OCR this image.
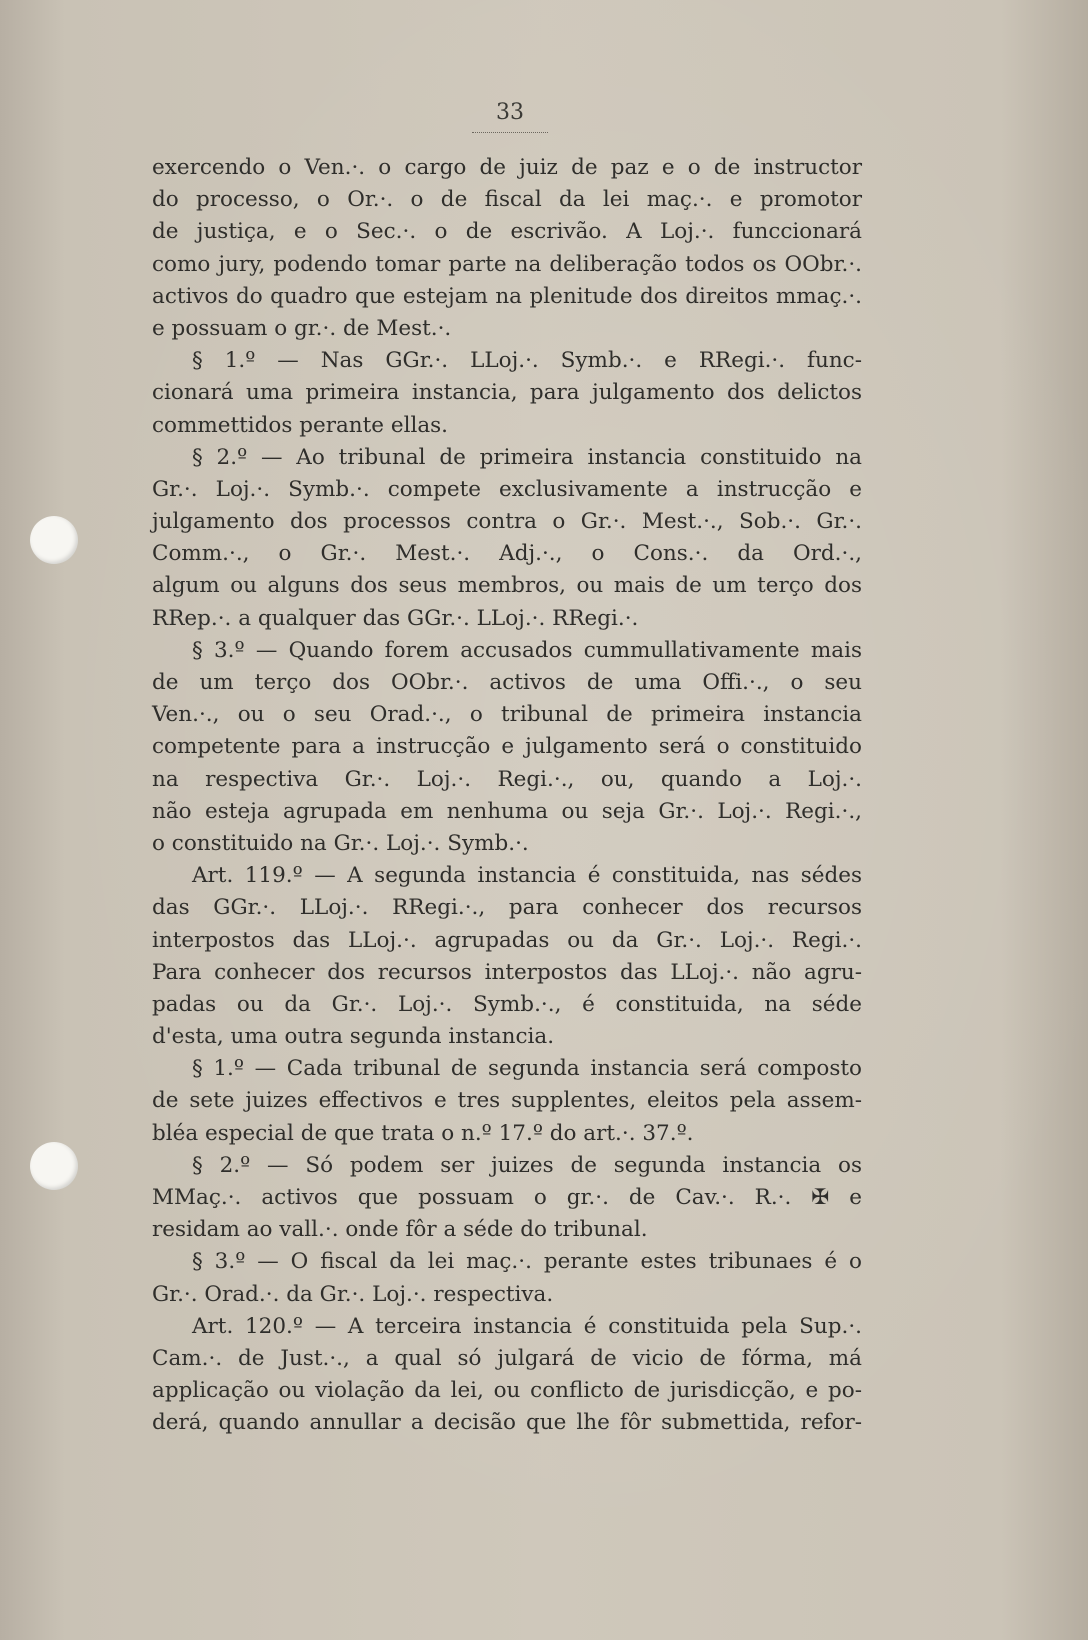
33
exercendo o Ven.·. o cargo de juiz de paz e o de instructor
do processo, o Or.·. o de fiscal da lei maç.·. e promotor
de justiça, e o Sec.·. o de escrivão. A Loj.·. funccionará
como jury, podendo tomar parte na deliberação todos os OObr.·.
activos do quadro que estejam na plenitude dos direitos mmaç.·.
e possuam o gr.·. de Mest.·.
§ 1.º — Nas GGr.·. LLoj.·. Symb.·. e RRegi.·. func-
cionará uma primeira instancia, para julgamento dos delictos
commettidos perante ellas.
§ 2.º — Ao tribunal de primeira instancia constituido na
Gr.·. Loj.·. Symb.·. compete exclusivamente a instrucção e
julgamento dos processos contra o Gr.·. Mest.·., Sob.·. Gr.·.
Comm.·., o Gr.·. Mest.·. Adj.·., o Cons.·. da Ord.·.,
algum ou alguns dos seus membros, ou mais de um terço dos
RRep.·. a qualquer das GGr.·. LLoj.·. RRegi.·.
§ 3.º — Quando forem accusados cummullativamente mais
de um terço dos OObr.·. activos de uma Offi.·., o seu
Ven.·., ou o seu Orad.·., o tribunal de primeira instancia
competente para a instrucção e julgamento será o constituido
na respectiva Gr.·. Loj.·. Regi.·., ou, quando a Loj.·.
não esteja agrupada em nenhuma ou seja Gr.·. Loj.·. Regi.·.,
o constituido na Gr.·. Loj.·. Symb.·.
Art. 119.º — A segunda instancia é constituida, nas sédes
das GGr.·. LLoj.·. RRegi.·., para conhecer dos recursos
interpostos das LLoj.·. agrupadas ou da Gr.·. Loj.·. Regi.·.
Para conhecer dos recursos interpostos das LLoj.·. não agru-
padas ou da Gr.·. Loj.·. Symb.·., é constituida, na séde
d'esta, uma outra segunda instancia.
§ 1.º — Cada tribunal de segunda instancia será composto
de sete juizes effectivos e tres supplentes, eleitos pela assem-
bléa especial de que trata o n.º 17.º do art.·. 37.º.
§ 2.º — Só podem ser juizes de segunda instancia os
MMaç.·. activos que possuam o gr.·. de Cav.·. R.·. ✠ e
residam ao vall.·. onde fôr a séde do tribunal.
§ 3.º — O fiscal da lei maç.·. perante estes tribunaes é o
Gr.·. Orad.·. da Gr.·. Loj.·. respectiva.
Art. 120.º — A terceira instancia é constituida pela Sup.·.
Cam.·. de Just.·., a qual só julgará de vicio de fórma, má
applicação ou violação da lei, ou conflicto de jurisdicção, e po-
derá, quando annullar a decisão que lhe fôr submettida, refor-
